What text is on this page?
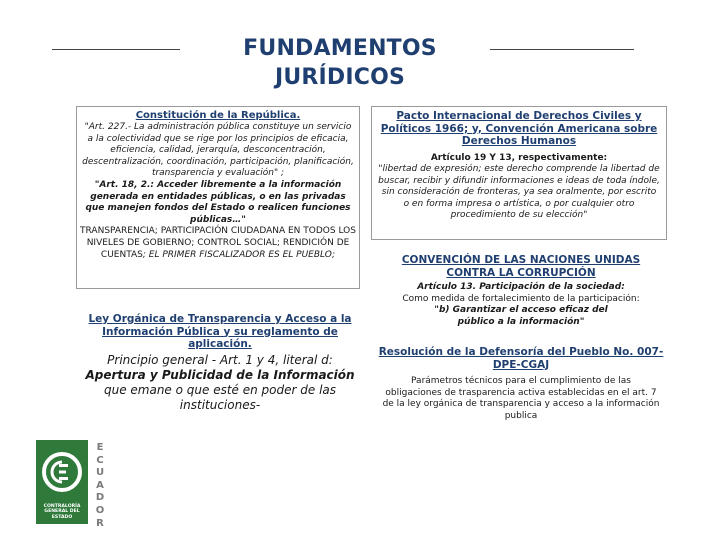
FUNDAMENTOS
JURÍDICOS
Constitución de la República.
"Art. 227.- La administración pública constituye un servicio a la colectividad que se rige por los principios de eficacia, eficiencia, calidad, jerarquía, desconcentración, descentralización, coordinación, participación, planificación, transparencia y evaluación" ;
"Art. 18, 2.: Acceder libremente a la información generada en entidades públicas, o en las privadas que manejen fondos del Estado o realicen funciones públicas…"
TRANSPARENCIA; PARTICIPACIÓN CIUDADANA EN TODOS LOS NIVELES DE GOBIERNO; CONTROL SOCIAL; RENDICIÓN DE CUENTAS; EL PRIMER FISCALIZADOR ES EL PUEBLO;
Ley Orgánica de Transparencia y Acceso a la Información Pública y su reglamento de aplicación.
Principio general - Art. 1 y 4, literal d:
Apertura y Publicidad de la Información
que emane o que esté en poder de las instituciones-
Pacto Internacional de Derechos Civiles y Políticos 1966; y, Convención Americana sobre Derechos Humanos
Artículo 19 Y 13, respectivamente:
"libertad de expresión; este derecho comprende la libertad de buscar, recibir y difundir informaciones e ideas de toda índole, sin consideración de fronteras, ya sea oralmente, por escrito o en forma impresa o artística, o por cualquier otro procedimiento de su elección"
CONVENCIÓN DE LAS NACIONES UNIDAS CONTRA LA CORRUPCIÓN
Artículo 13. Participación de la sociedad:
Como medida de fortalecimiento de la participación:
"b) Garantizar el acceso eficaz del público a la información"
Resolución de la Defensoría del Pueblo No. 007-DPE-CGAJ
Parámetros técnicos para el cumplimiento de las obligaciones de trasparencia activa establecidas en el art. 7 de la ley orgánica de transparencia y acceso a la información publica
CONTRALORÍA GENERAL DEL ESTADO
E
C
U
A
D
O
R
